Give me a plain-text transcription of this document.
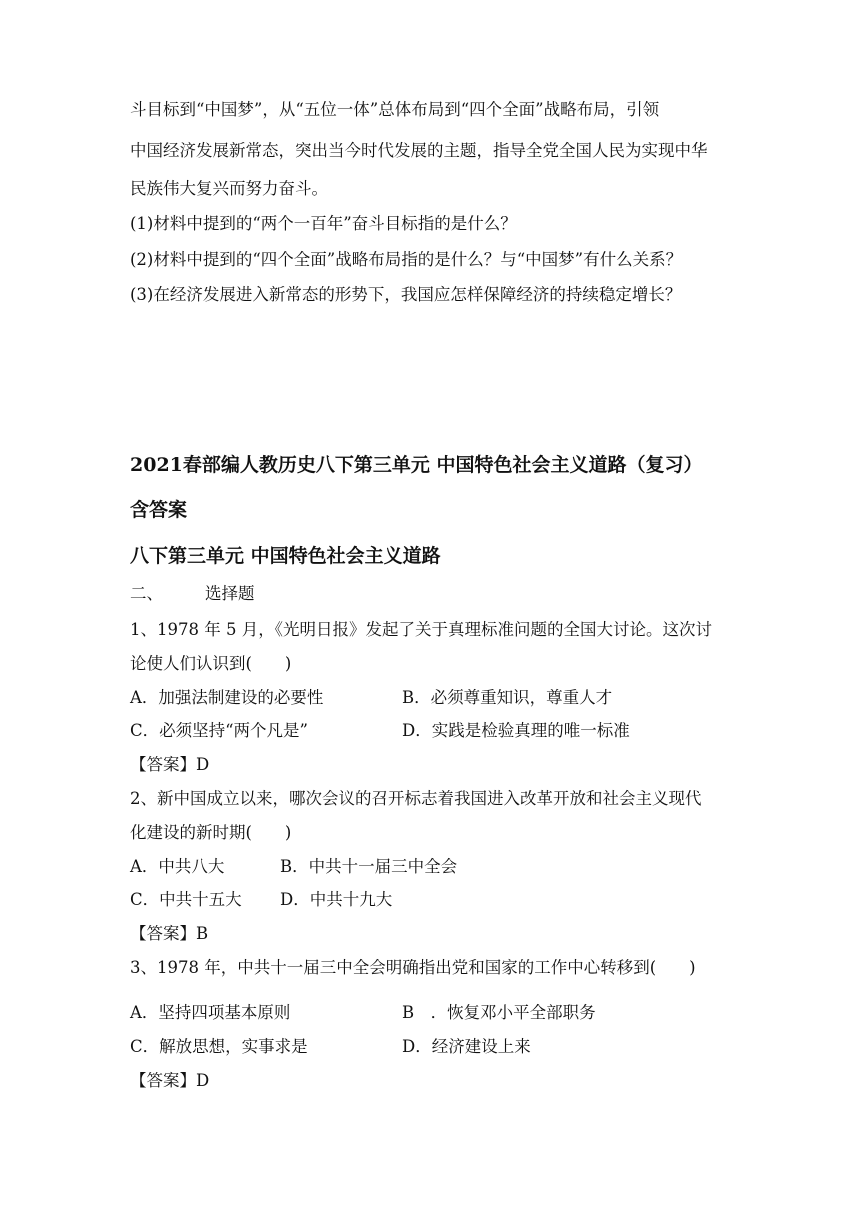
斗目标到“中国梦”，从“五位一体”总体布局到“四个全面”战略布局，引领
中国经济发展新常态，突出当今时代发展的主题，指导全党全国人民为实现中华
民族伟大复兴而努力奋斗。
(1)材料中提到的“两个一百年”奋斗目标指的是什么？
(2)材料中提到的“四个全面”战略布局指的是什么？与“中国梦”有什么关系？
(3)在经济发展进入新常态的形势下，我国应怎样保障经济的持续稳定增长？
2021春部编人教历史八下第三单元 中国特色社会主义道路（复习）
含答案
八下第三单元 中国特色社会主义道路
二、	选择题
1、1978 年 5 月，《光明日报》发起了关于真理标准问题的全国大讨论。这次讨
论使人们认识到(　　)
A．加强法制建设的必要性	B．必须尊重知识，尊重人才
C．必须坚持“两个凡是”	D．实践是检验真理的唯一标准
【答案】D
2、新中国成立以来，哪次会议的召开标志着我国进入改革开放和社会主义现代
化建设的新时期(　　)
A．中共八大	B．中共十一届三中全会
C．中共十五大 D．中共十九大
【答案】B
3、1978 年，中共十一届三中全会明确指出党和国家的工作中心转移到(　　)
A．坚持四项基本原则	B　．恢复邓小平全部职务
C．解放思想，实事求是	D．经济建设上来
【答案】D
